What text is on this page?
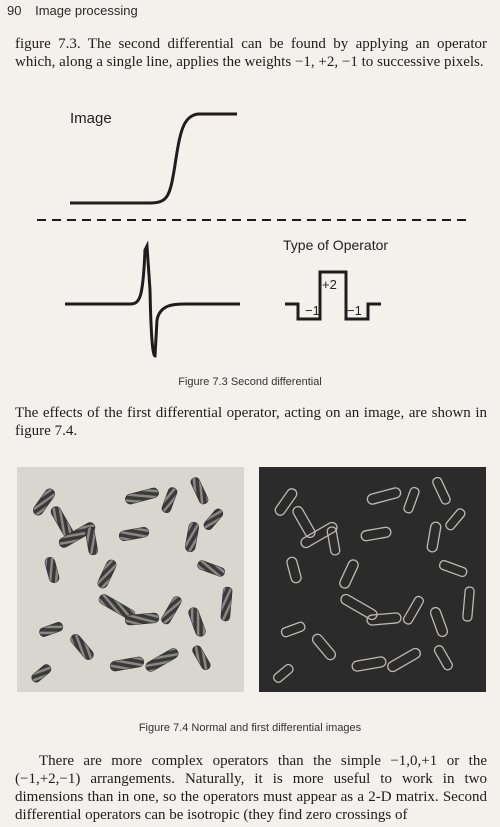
90 Image processing

figure 7.3. The second differential can be found by applying an operator which, along a single line, applies the weights −1, +2, −1 to successive pixels.

Image
Type of Operator
+2
−1 −1
Figure 7.3 Second differential

The effects of the first differential operator, acting on an image, are shown in figure 7.4.

Figure 7.4 Normal and first differential images

There are more complex operators than the simple −1,0,+1 or the (−1,+2,−1) arrangements. Naturally, it is more useful to work in two dimensions than in one, so the operators must appear as a 2-D matrix. Second differential operators can be isotropic (they find zero crossings of
